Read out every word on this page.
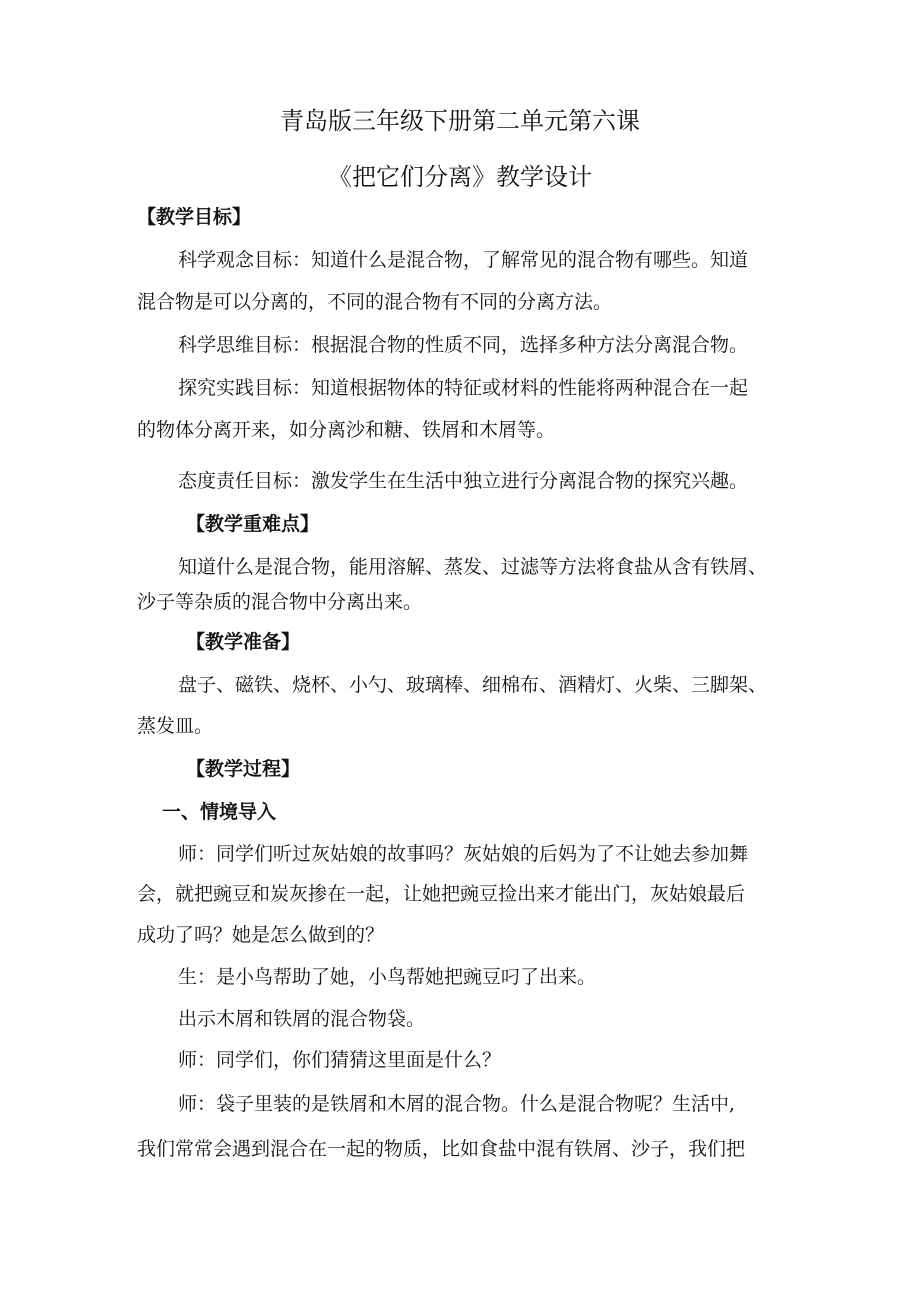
青岛版三年级下册第二单元第六课
《把它们分离》教学设计
【教学目标】
科学观念目标：知道什么是混合物，了解常见的混合物有哪些。知道
混合物是可以分离的，不同的混合物有不同的分离方法。
科学思维目标：根据混合物的性质不同，选择多种方法分离混合物。
探究实践目标：知道根据物体的特征或材料的性能将两种混合在一起
的物体分离开来，如分离沙和糖、铁屑和木屑等。
态度责任目标：激发学生在生活中独立进行分离混合物的探究兴趣。
【教学重难点】
知道什么是混合物，能用溶解、蒸发、过滤等方法将食盐从含有铁屑、
沙子等杂质的混合物中分离出来。
【教学准备】
盘子、磁铁、烧杯、小勺、玻璃棒、细棉布、酒精灯、火柴、三脚架、
蒸发皿。
【教学过程】
一、情境导入
师：同学们听过灰姑娘的故事吗？灰姑娘的后妈为了不让她去参加舞
会，就把豌豆和炭灰掺在一起，让她把豌豆捡出来才能出门，灰姑娘最后
成功了吗？她是怎么做到的？
生：是小鸟帮助了她，小鸟帮她把豌豆叼了出来。
出示木屑和铁屑的混合物袋。
师：同学们，你们猜猜这里面是什么？
师：袋子里装的是铁屑和木屑的混合物。什么是混合物呢？生活中,
我们常常会遇到混合在一起的物质，比如食盐中混有铁屑、沙子，我们把
